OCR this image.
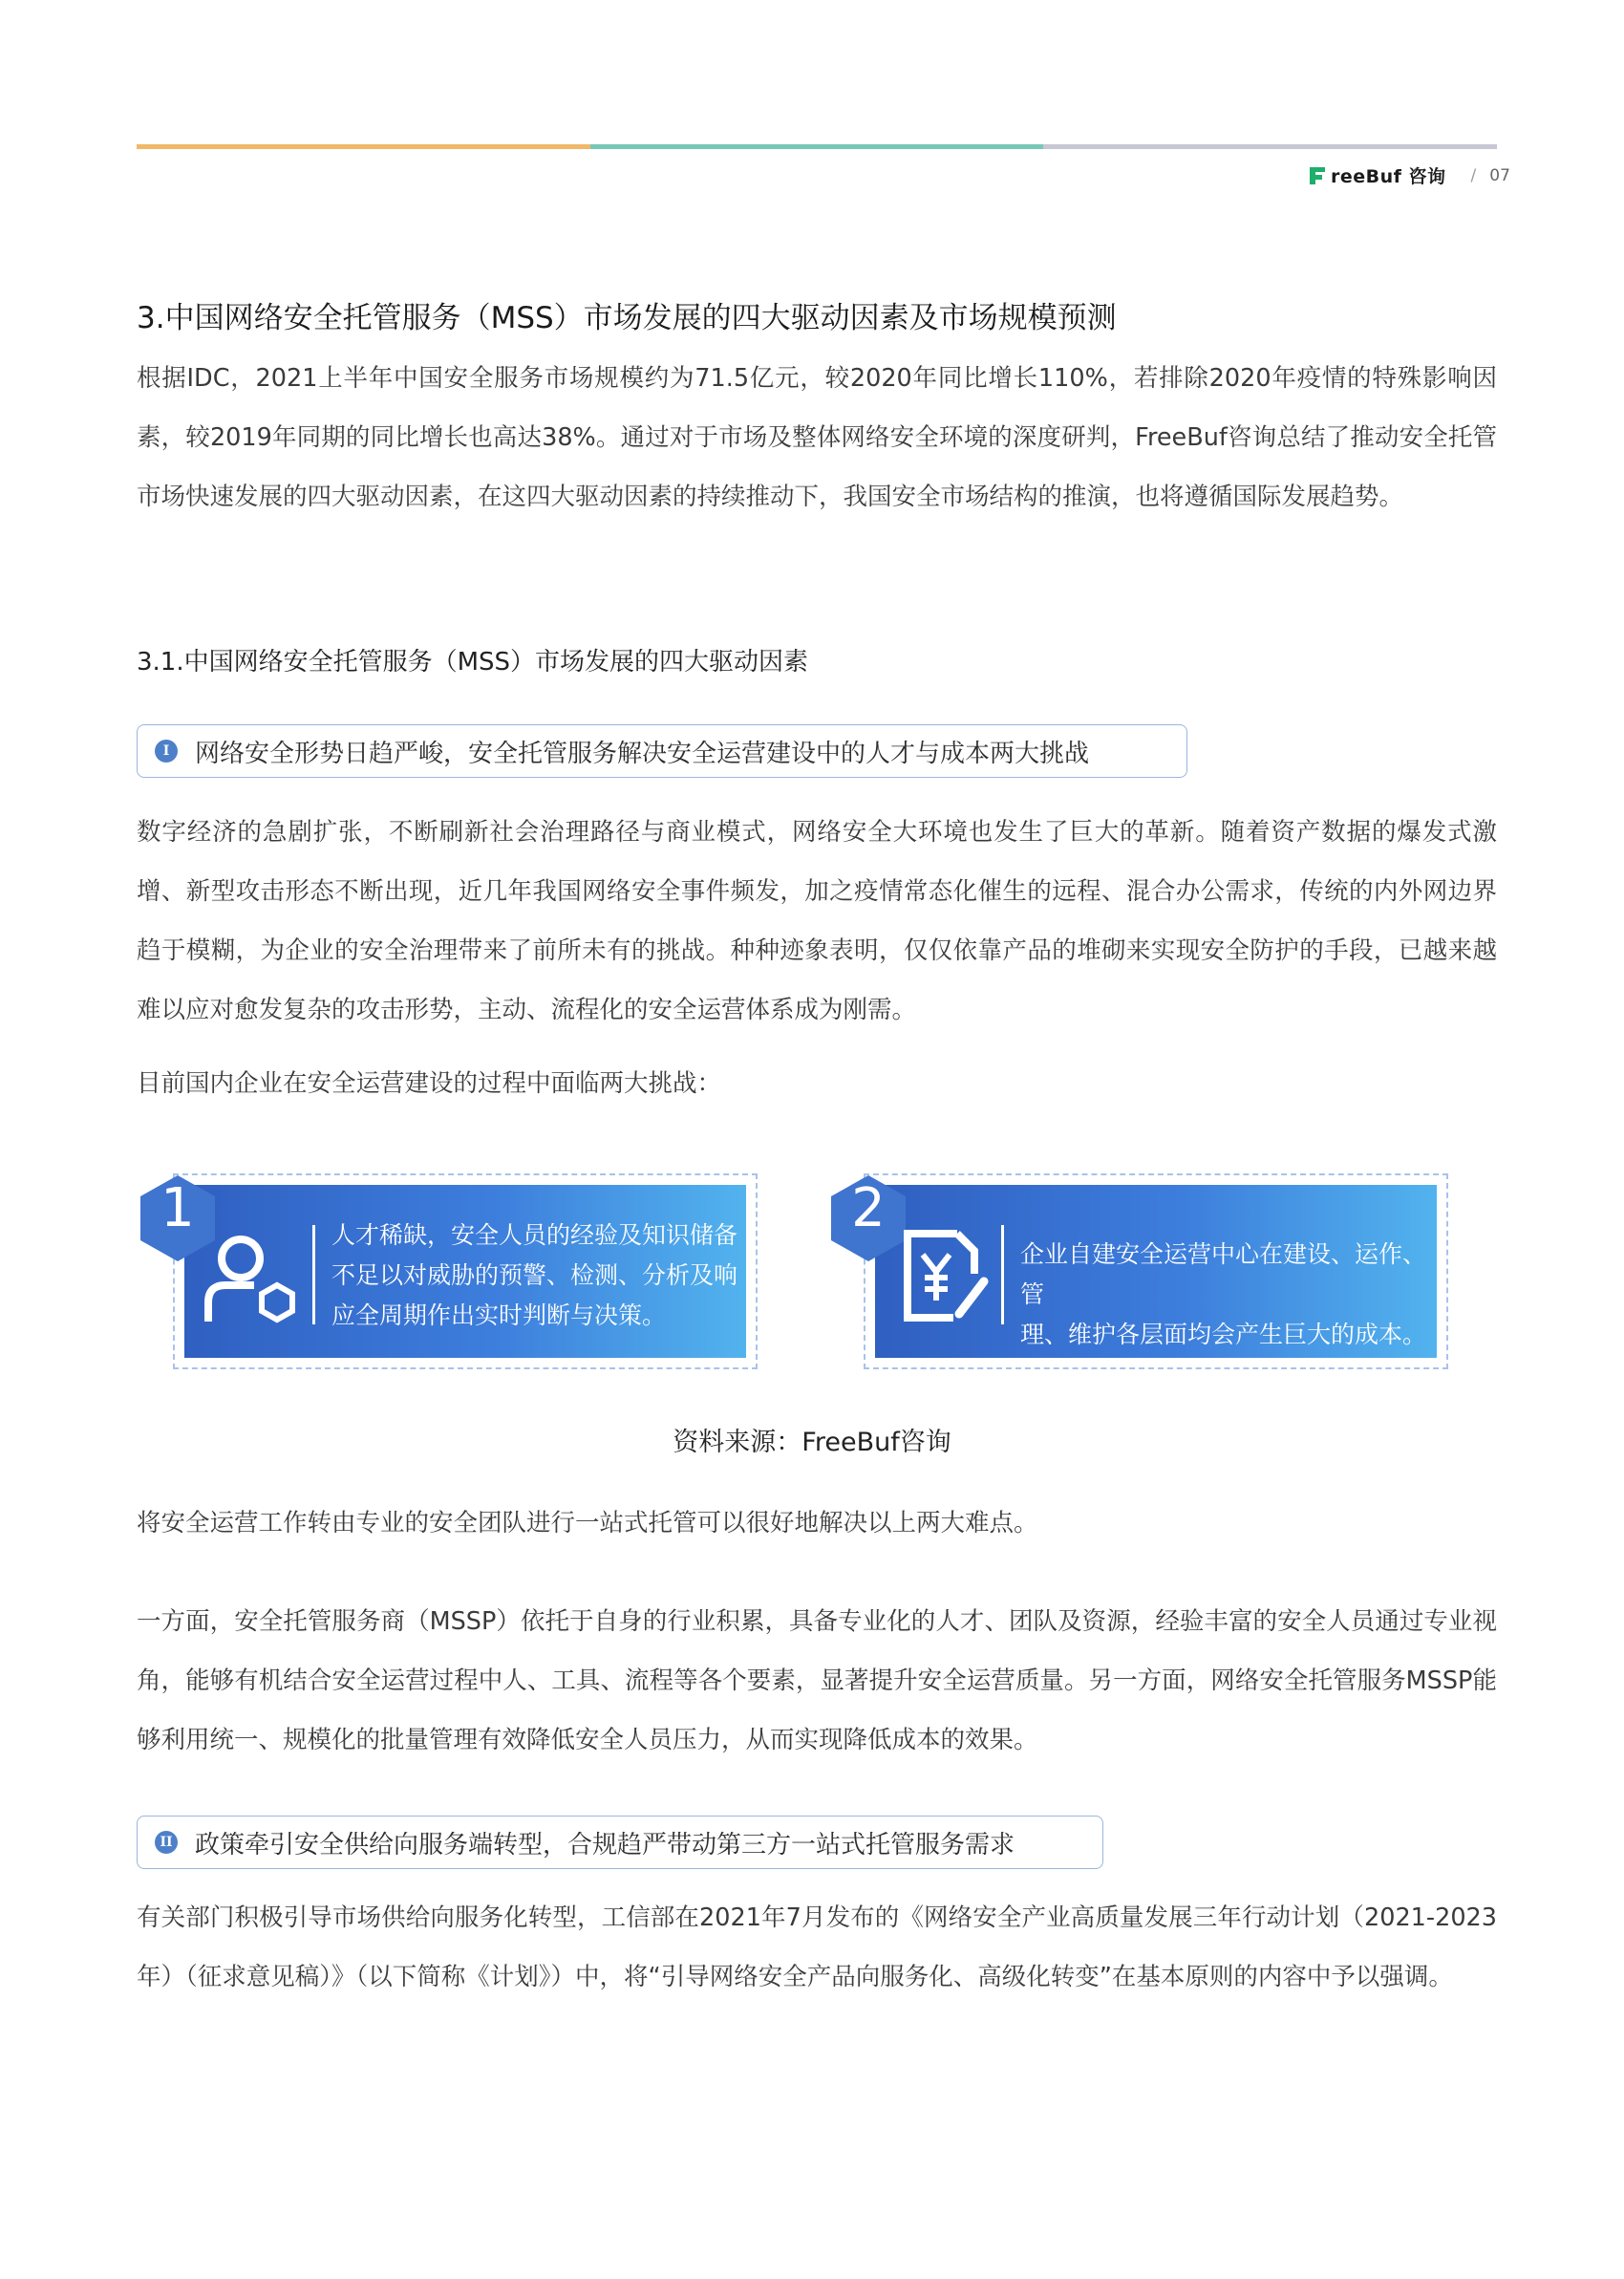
reeBuf 咨询 / 07
3.中国网络安全托管服务（MSS）市场发展的四大驱动因素及市场规模预测

根据IDC，2021上半年中国安全服务市场规模约为71.5亿元，较2020年同比增长110%，若排除2020年疫情的特殊影响因素，较2019年同期的同比增长也高达38%。通过对于市场及整体网络安全环境的深度研判，FreeBuf咨询总结了推动安全托管市场快速发展的四大驱动因素，在这四大驱动因素的持续推动下，我国安全市场结构的推演，也将遵循国际发展趋势。

3.1.中国网络安全托管服务（MSS）市场发展的四大驱动因素
I	网络安全形势日趋严峻，安全托管服务解决安全运营建设中的人才与成本两大挑战

数字经济的急剧扩张，不断刷新社会治理路径与商业模式，网络安全大环境也发生了巨大的革新。随着资产数据的爆发式激增、新型攻击形态不断出现，近几年我国网络安全事件频发，加之疫情常态化催生的远程、混合办公需求，传统的内外网边界趋于模糊，为企业的安全治理带来了前所未有的挑战。种种迹象表明，仅仅依靠产品的堆砌来实现安全防护的手段，已越来越难以应对愈发复杂的攻击形势，主动、流程化的安全运营体系成为刚需。

目前国内企业在安全运营建设的过程中面临两大挑战：

1	人才稀缺，安全人员的经验及知识储备
不足以对威胁的预警、检测、分析及响
应全周期作出实时判断与决策。
2
企业自建安全运营中心在建设、运作、管
理、维护各层面均会产生巨大的成本。
资料来源：FreeBuf咨询

将安全运营工作转由专业的安全团队进行一站式托管可以很好地解决以上两大难点。

一方面，安全托管服务商（MSSP）依托于自身的行业积累，具备专业化的人才、团队及资源，经验丰富的安全人员通过专业视角，能够有机结合安全运营过程中人、工具、流程等各个要素，显著提升安全运营质量。另一方面，网络安全托管服务MSSP能够利用统一、规模化的批量管理有效降低安全人员压力，从而实现降低成本的效果。

II 政策牵引安全供给向服务端转型，合规趋严带动第三方一站式托管服务需求

有关部门积极引导市场供给向服务化转型，工信部在2021年7月发布的《网络安全产业高质量发展三年行动计划（2021-2023年）（征求意见稿）》（以下简称《计划》）中，将“引导网络安全产品向服务化、高级化转变”在基本原则的内容中予以强调。
